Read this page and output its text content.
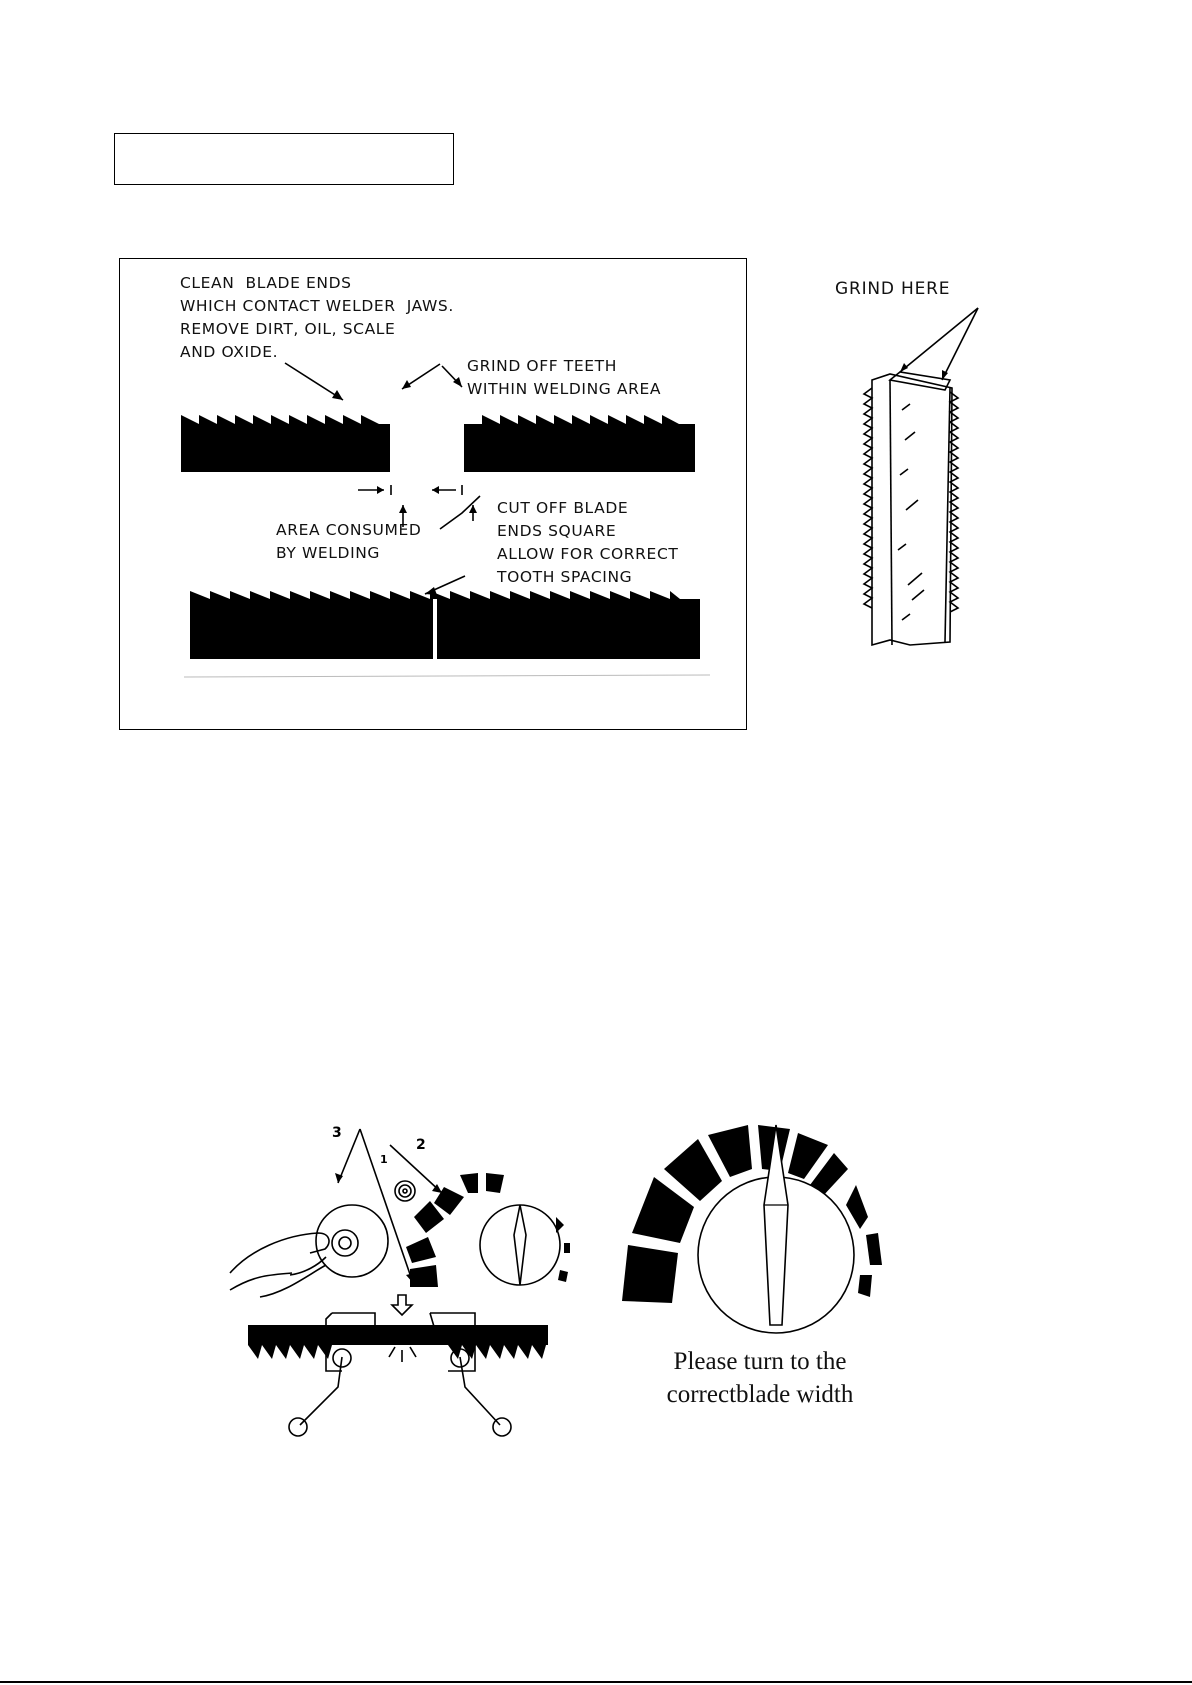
CLEAN  BLADE ENDS
WHICH CONTACT WELDER  JAWS.
REMOVE DIRT, OIL, SCALE
AND OXIDE.
GRIND OFF TEETH
WITHIN WELDING AREA
AREA CONSUMED
BY WELDING
CUT OFF BLADE
ENDS SQUARE
ALLOW FOR CORRECT
TOOTH SPACING
GRIND HERE
3
1
2
Please turn to the
correctblade width
